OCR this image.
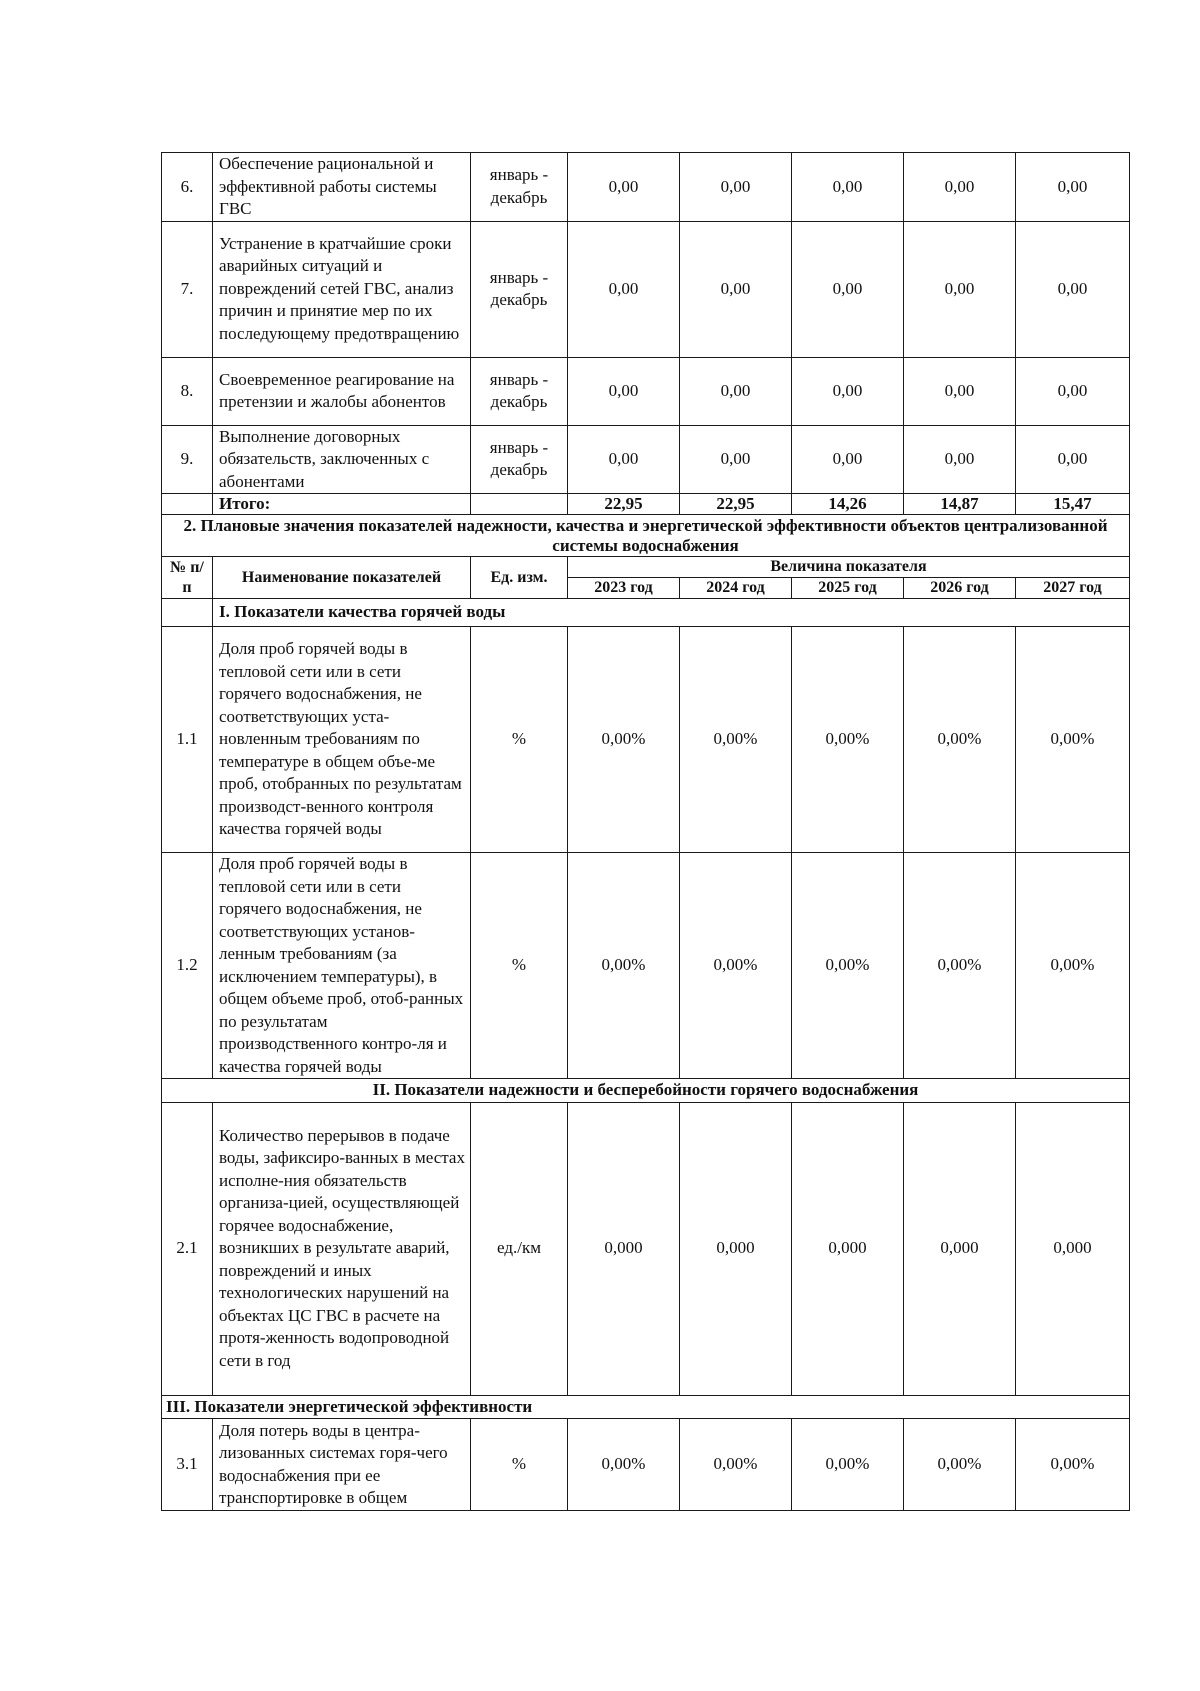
6.	Обеспечение рациональной и эффективной работы системы ГВС	январь - декабрь	0,00	0,00	0,00	0,00	0,00
7.	Устранение в кратчайшие сроки аварийных ситуаций и повреждений сетей ГВС, анализ причин и принятие мер по их последующему предотвращению	январь - декабрь	0,00	0,00	0,00	0,00	0,00
8.	Своевременное реагирование на претензии и жалобы абонентов	январь - декабрь	0,00	0,00	0,00	0,00	0,00
9.	Выполнение договорных обязательств, заключенных с абонентами	январь - декабрь	0,00	0,00	0,00	0,00	0,00
	Итого:		22,95	22,95	14,26	14,87	15,47
2. Плановые значения показателей надежности, качества и энергетической эффективности объектов централизованной системы водоснабжения							
№ п/п	Наименование показателей	Ед. изм.	Величина показателя				
			2023 год	2024 год	2025 год	2026 год	2027 год
	I. Показатели качества горячей воды						
1.1	Доля проб горячей воды в тепловой сети или в сети горячего водоснабжения, не соответствующих уста-новленным требованиям по температуре в общем объе-ме проб, отобранных по результатам производст-венного контроля качества горячей воды	%	0,00%	0,00%	0,00%	0,00%	0,00%
1.2	Доля проб горячей воды в тепловой сети или в сети горячего водоснабжения, не соответствующих установ-ленным требованиям (за исключением температуры), в общем объеме проб, отоб-ранных по результатам производственного контро-ля и качества горячей воды	%	0,00%	0,00%	0,00%	0,00%	0,00%
II. Показатели надежности и бесперебойности горячего водоснабжения							
2.1	Количество перерывов в подаче воды, зафиксиро-ванных в местах исполне-ния обязательств организа-цией, осуществляющей горячее водоснабжение, возникших в результате аварий, повреждений и иных технологических нарушений на объектах ЦС ГВС в расчете на протя-женность водопроводной сети в год	ед./км	0,000	0,000	0,000	0,000	0,000
III. Показатели энергетической эффективности							
3.1	Доля потерь воды в центра-лизованных системах горя-чего водоснабжения при ее транспортировке в общем	%	0,00%	0,00%	0,00%	0,00%	0,00%
